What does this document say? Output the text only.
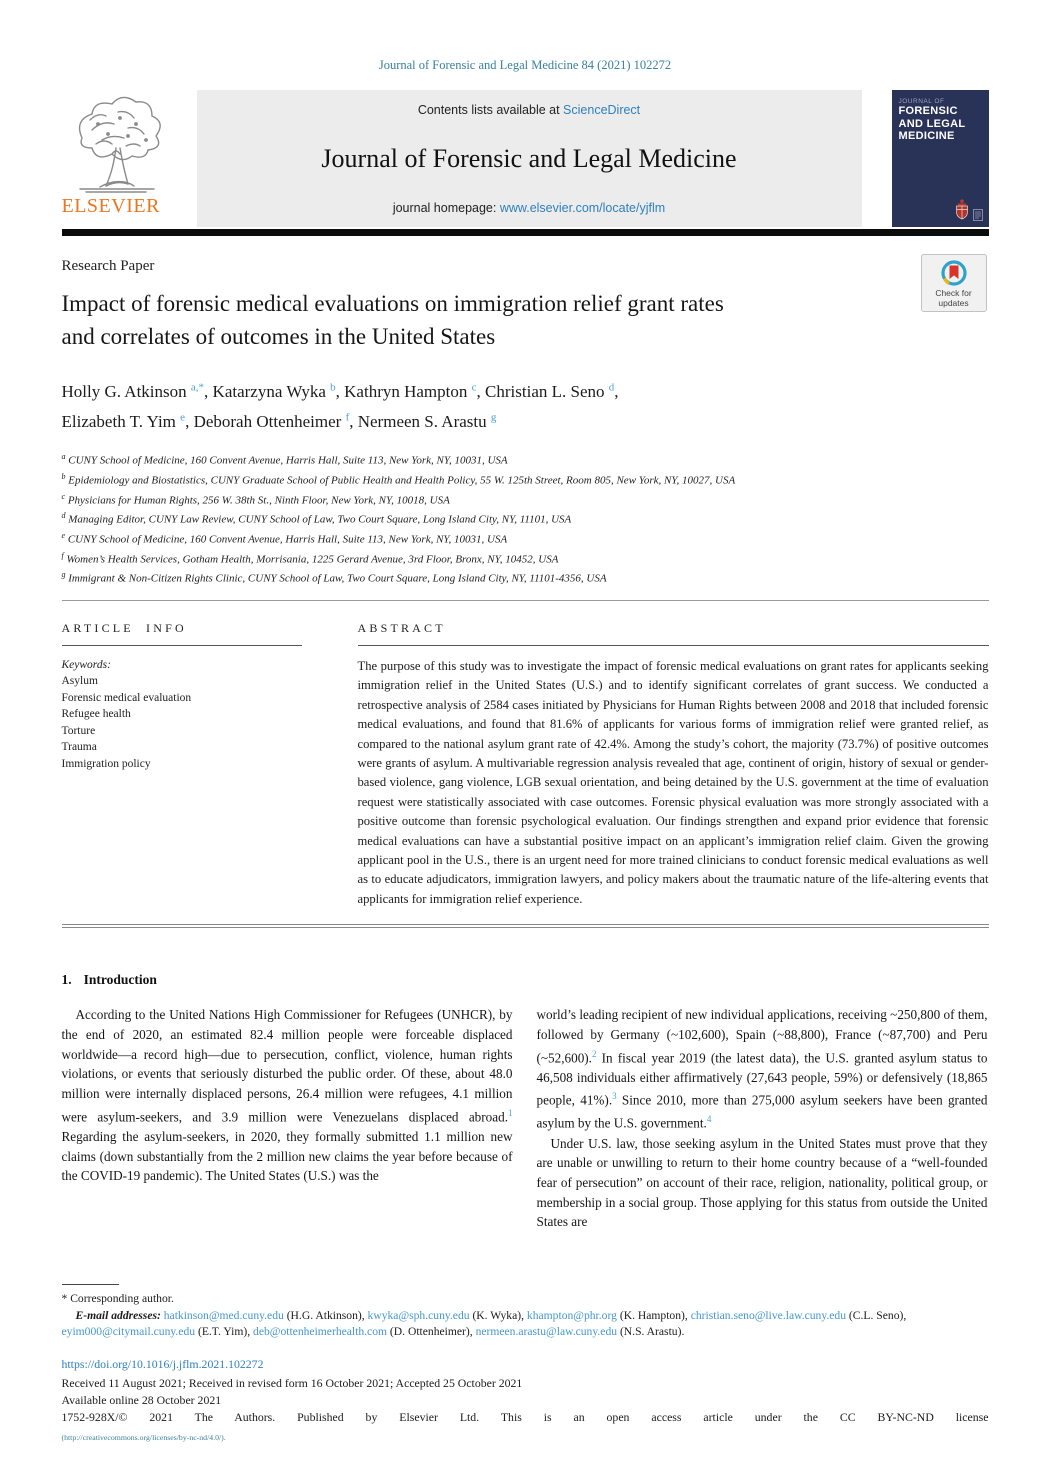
Journal of Forensic and Legal Medicine 84 (2021) 102272
ELSEVIER
Contents lists available at ScienceDirect
Journal of Forensic and Legal Medicine
journal homepage: www.elsevier.com/locate/yjflm
JOURNAL OF
FORENSIC
AND LEGAL
MEDICINE
Research Paper
Check for
updates
Impact of forensic medical evaluations on immigration relief grant rates
and correlates of outcomes in the United States
Holly G. Atkinson $^{a,*}$, Katarzyna Wyka $^b$, Kathryn Hampton $^c$, Christian L. Seno $^d$,
Elizabeth T. Yim $^e$, Deborah Ottenheimer $^f$, Nermeen S. Arastu $^g$
$^a$ CUNY School of Medicine, 160 Convent Avenue, Harris Hall, Suite 113, New York, NY, 10031, USA
$^b$ Epidemiology and Biostatistics, CUNY Graduate School of Public Health and Health Policy, 55 W. 125th Street, Room 805, New York, NY, 10027, USA
$^c$ Physicians for Human Rights, 256 W. 38th St., Ninth Floor, New York, NY, 10018, USA
$^d$ Managing Editor, CUNY Law Review, CUNY School of Law, Two Court Square, Long Island City, NY, 11101, USA
$^e$ CUNY School of Medicine, 160 Convent Avenue, Harris Hall, Suite 113, New York, NY, 10031, USA
$^f$ Women’s Health Services, Gotham Health, Morrisania, 1225 Gerard Avenue, 3rd Floor, Bronx, NY, 10452, USA
$^g$ Immigrant & Non-Citizen Rights Clinic, CUNY School of Law, Two Court Square, Long Island City, NY, 11101-4356, USA
ARTICLE INFO
Keywords:
Asylum
Forensic medical evaluation
Refugee health
Torture
Trauma
Immigration policy
ABSTRACT
The purpose of this study was to investigate the impact of forensic medical evaluations on grant rates for applicants seeking immigration relief in the United States (U.S.) and to identify significant correlates of grant success. We conducted a retrospective analysis of 2584 cases initiated by Physicians for Human Rights between 2008 and 2018 that included forensic medical evaluations, and found that 81.6% of applicants for various forms of immigration relief were granted relief, as compared to the national asylum grant rate of 42.4%. Among the study’s cohort, the majority (73.7%) of positive outcomes were grants of asylum. A multivariable regression analysis revealed that age, continent of origin, history of sexual or gender-based violence, gang violence, LGB sexual orientation, and being detained by the U.S. government at the time of evaluation request were statistically associated with case outcomes. Forensic physical evaluation was more strongly associated with a positive outcome than forensic psychological evaluation. Our findings strengthen and expand prior evidence that forensic medical evaluations can have a substantial positive impact on an applicant’s immigration relief claim. Given the growing applicant pool in the U.S., there is an urgent need for more trained clinicians to conduct forensic medical evaluations as well as to educate adjudicators, immigration lawyers, and policy makers about the traumatic nature of the life-altering events that applicants for immigration relief experience.
1. Introduction

According to the United Nations High Commissioner for Refugees (UNHCR), by the end of 2020, an estimated 82.4 million people were forceable displaced worldwide—a record high—due to persecution, conflict, violence, human rights violations, or events that seriously disturbed the public order. Of these, about 48.0 million were internally displaced persons, 26.4 million were refugees, 4.1 million were asylum-seekers, and 3.9 million were Venezuelans displaced abroad.$^1$ Regarding the asylum-seekers, in 2020, they formally submitted 1.1 million new claims (down substantially from the 2 million new claims the year before because of the COVID-19 pandemic). The United States (U.S.) was the

world’s leading recipient of new individual applications, receiving ~250,800 of them, followed by Germany (~102,600), Spain (~88,800), France (~87,700) and Peru (~52,600).$^2$ In fiscal year 2019 (the latest data), the U.S. granted asylum status to 46,508 individuals either affirmatively (27,643 people, 59%) or defensively (18,865 people, 41%).$^3$ Since 2010, more than 275,000 asylum seekers have been granted asylum by the U.S. government.$^4$

Under U.S. law, those seeking asylum in the United States must prove that they are unable or unwilling to return to their home country because of a “well-founded fear of persecution” on account of their race, religion, nationality, political group, or membership in a social group. Those applying for this status from outside the United States are

* Corresponding author.
E-mail addresses: hatkinson@med.cuny.edu (H.G. Atkinson), kwyka@sph.cuny.edu (K. Wyka), khampton@phr.org (K. Hampton), christian.seno@live.law.cuny.edu (C.L. Seno), eyim000@citymail.cuny.edu (E.T. Yim), deb@ottenheimerhealth.com (D. Ottenheimer), nermeen.arastu@law.cuny.edu (N.S. Arastu).
https://doi.org/10.1016/j.jflm.2021.102272
Received 11 August 2021; Received in revised form 16 October 2021; Accepted 25 October 2021
Available online 28 October 2021
1752-928X/© 2021 The Authors. Published by Elsevier Ltd. This is an open access article under the CC BY-NC-ND license
(http://creativecommons.org/licenses/by-nc-nd/4.0/).
